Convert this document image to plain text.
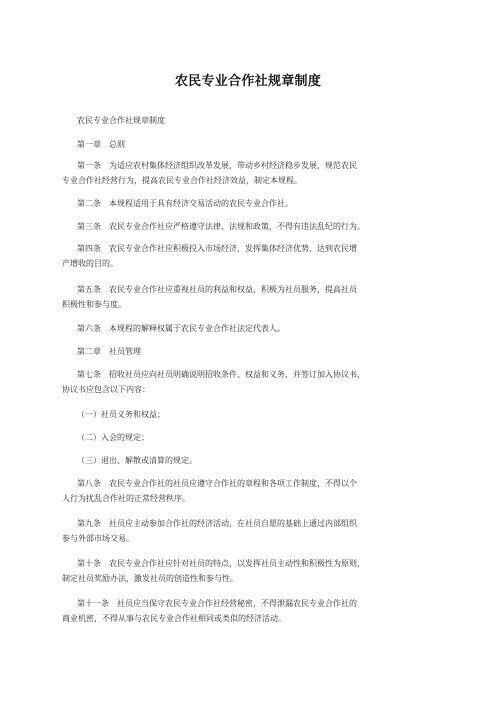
农民专业合作社规章制度
农民专业合作社规章制度
第一章　总则
第一条　为适应农村集体经济组织改革发展，带动乡村经济稳步发展，规范农民
专业合作社经营行为，提高农民专业合作社经济效益，制定本规程。
第二条　本规程适用于具有经济交易活动的农民专业合作社。
第三条　农民专业合作社应严格遵守法律、法规和政策，不得有违法乱纪的行为。
第四条　农民专业合作社应积极投入市场经济，发挥集体经济优势，达到农民增
产增收的目的。
第五条　农民专业合作社应重视社员的利益和权益，积极为社员服务，提高社员
积极性和参与度。
第六条　本规程的解释权属于农民专业合作社法定代表人。
第二章　社员管理
第七条　招收社员应向社员明确说明招收条件、权益和义务，并签订加入协议书，
协议书应包含以下内容：
（一）社员义务和权益；
（二）入会的规定；
（三）退出、解散或清算的规定。
第八条　农民专业合作社的社员应遵守合作社的章程和各项工作制度，不得以个
人行为扰乱合作社的正常经营秩序。
第九条　社员应主动参加合作社的经济活动，在社员自愿的基础上通过内部组织
参与外部市场交易。
第十条　农民专业合作社应针对社员的特点，以发挥社员主动性和积极性为原则，
制定社员奖励办法，激发社员的创造性和参与性。
第十一条　社员应当保守农民专业合作社经营秘密，不得泄漏农民专业合作社的
商业机密，不得从事与农民专业合作社相同或类似的经济活动。
